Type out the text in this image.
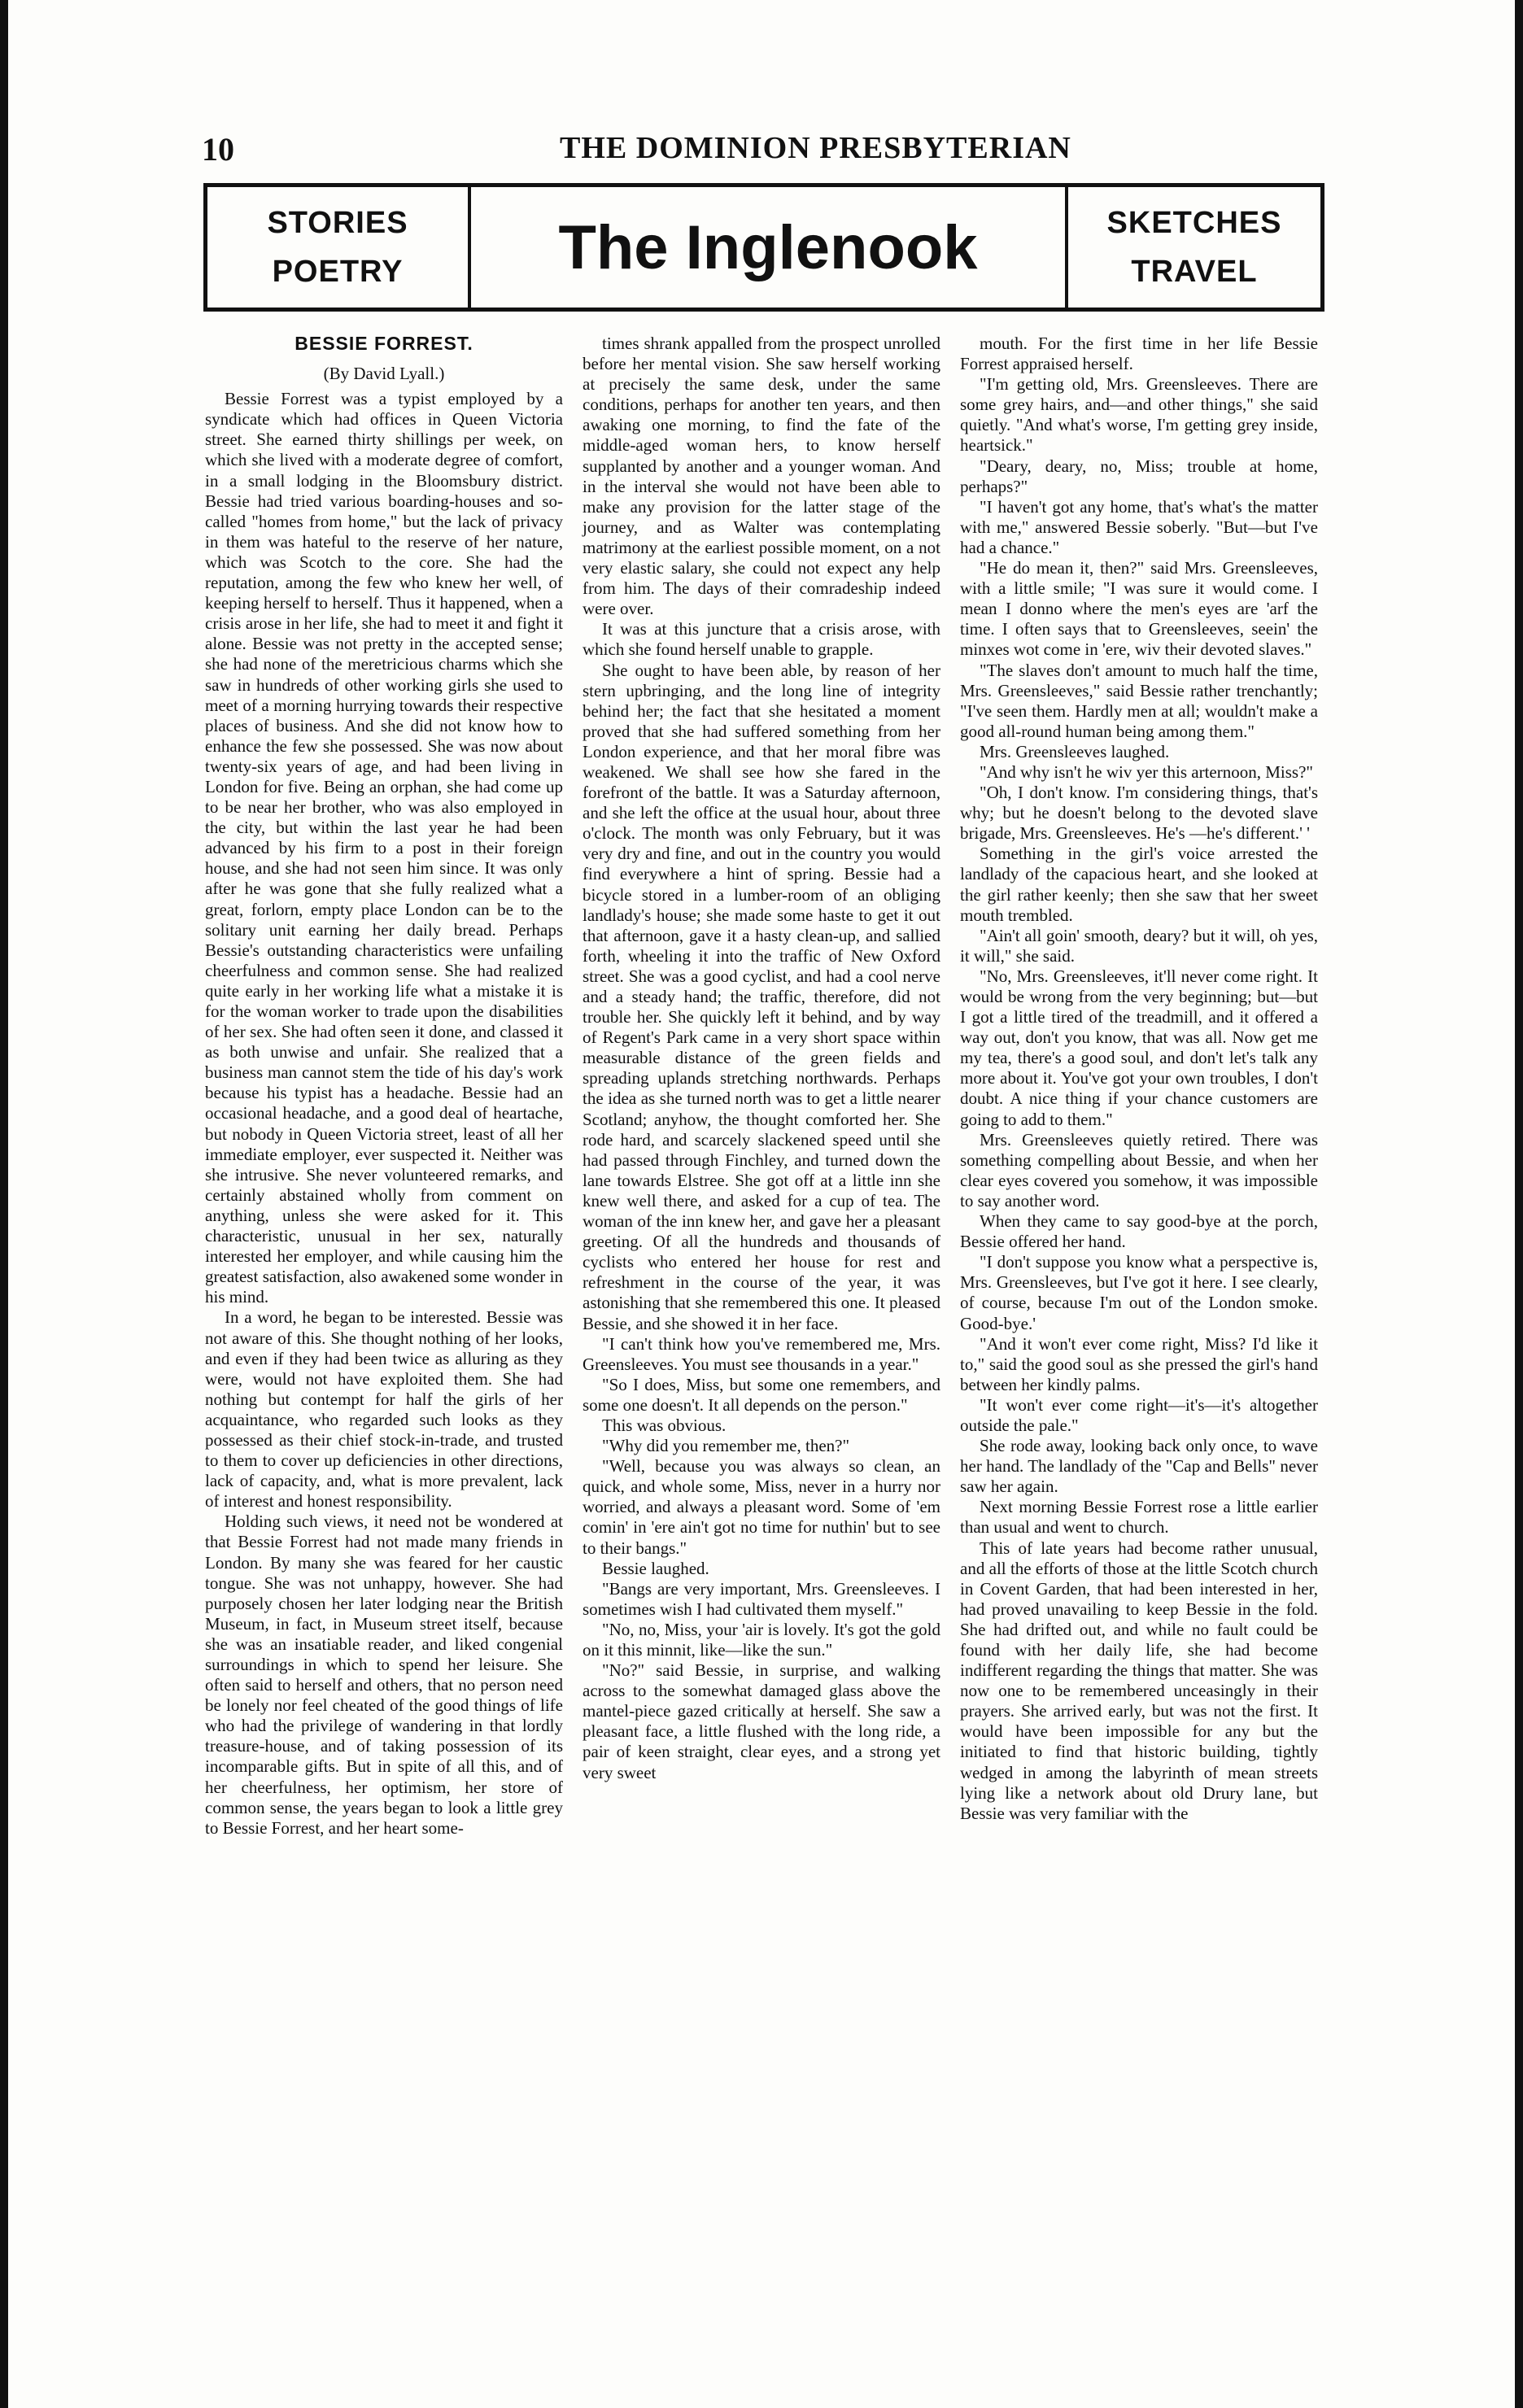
10	THE DOMINION PRESBYTERIAN
STORIES
POETRY	The Inglenook	SKETCHES
TRAVEL
BESSIE FORREST.
(By David Lyall.)

Bessie Forrest was a typist employed by a syndicate which had offices in Queen Victoria street. She earned thirty shillings per week, on which she lived with a moderate degree of comfort, in a small lodging in the Bloomsbury district. Bessie had tried various boarding-houses and so-called "homes from home," but the lack of privacy in them was hateful to the reserve of her nature, which was Scotch to the core. She had the reputation, among the few who knew her well, of keeping herself to herself. Thus it happened, when a crisis arose in her life, she had to meet it and fight it alone. Bessie was not pretty in the accepted sense; she had none of the meretricious charms which she saw in hundreds of other working girls she used to meet of a morning hurrying towards their respective places of business. And she did not know how to enhance the few she possessed. She was now about twenty-six years of age, and had been living in London for five. Being an orphan, she had come up to be near her brother, who was also employed in the city, but within the last year he had been advanced by his firm to a post in their foreign house, and she had not seen him since. It was only after he was gone that she fully realized what a great, forlorn, empty place London can be to the solitary unit earning her daily bread. Perhaps Bessie's outstanding characteristics were unfailing cheerfulness and common sense. She had realized quite early in her working life what a mistake it is for the woman worker to trade upon the disabilities of her sex. She had often seen it done, and classed it as both unwise and unfair. She realized that a business man cannot stem the tide of his day's work because his typist has a headache. Bessie had an occasional headache, and a good deal of heartache, but nobody in Queen Victoria street, least of all her immediate employer, ever suspected it. Neither was she intrusive. She never volunteered remarks, and certainly abstained wholly from comment on anything, unless she were asked for it. This characteristic, unusual in her sex, naturally interested her employer, and while causing him the greatest satisfaction, also awakened some wonder in his mind.

In a word, he began to be interested. Bessie was not aware of this. She thought nothing of her looks, and even if they had been twice as alluring as they were, would not have exploited them. She had nothing but contempt for half the girls of her acquaintance, who regarded such looks as they possessed as their chief stock-in-trade, and trusted to them to cover up deficiencies in other directions, lack of capacity, and, what is more prevalent, lack of interest and honest responsibility.

Holding such views, it need not be wondered at that Bessie Forrest had not made many friends in London. By many she was feared for her caustic tongue. She was not unhappy, however. She had purposely chosen her later lodging near the British Museum, in fact, in Museum street itself, because she was an insatiable reader, and liked congenial surroundings in which to spend her leisure. She often said to herself and others, that no person need be lonely nor feel cheated of the good things of life who had the privilege of wandering in that lordly treasure-house, and of taking possession of its incomparable gifts. But in spite of all this, and of her cheerfulness, her optimism, her store of common sense, the years began to look a little grey to Bessie Forrest, and her heart some-

times shrank appalled from the prospect unrolled before her mental vision. She saw herself working at precisely the same desk, under the same conditions, perhaps for another ten years, and then awaking one morning, to find the fate of the middle-aged woman hers, to know herself supplanted by another and a younger woman. And in the interval she would not have been able to make any provision for the latter stage of the journey, and as Walter was contemplating matrimony at the earliest possible moment, on a not very elastic salary, she could not expect any help from him. The days of their comradeship indeed were over.

It was at this juncture that a crisis arose, with which she found herself unable to grapple.

She ought to have been able, by reason of her stern upbringing, and the long line of integrity behind her; the fact that she hesitated a moment proved that she had suffered something from her London experience, and that her moral fibre was weakened. We shall see how she fared in the forefront of the battle. It was a Saturday afternoon, and she left the office at the usual hour, about three o'clock. The month was only February, but it was very dry and fine, and out in the country you would find everywhere a hint of spring. Bessie had a bicycle stored in a lumber-room of an obliging landlady's house; she made some haste to get it out that afternoon, gave it a hasty clean-up, and sallied forth, wheeling it into the traffic of New Oxford street. She was a good cyclist, and had a cool nerve and a steady hand; the traffic, therefore, did not trouble her. She quickly left it behind, and by way of Regent's Park came in a very short space within measurable distance of the green fields and spreading uplands stretching northwards. Perhaps the idea as she turned north was to get a little nearer Scotland; anyhow, the thought comforted her. She rode hard, and scarcely slackened speed until she had passed through Finchley, and turned down the lane towards Elstree. She got off at a little inn she knew well there, and asked for a cup of tea. The woman of the inn knew her, and gave her a pleasant greeting. Of all the hundreds and thousands of cyclists who entered her house for rest and refreshment in the course of the year, it was astonishing that she remembered this one. It pleased Bessie, and she showed it in her face.

"I can't think how you've remembered me, Mrs. Greensleeves. You must see thousands in a year."

"So I does, Miss, but some one remembers, and some one doesn't. It all depends on the person."

This was obvious.

"Why did you remember me, then?"

"Well, because you was always so clean, an quick, and whole some, Miss, never in a hurry nor worried, and always a pleasant word. Some of 'em comin' in 'ere ain't got no time for nuthin' but to see to their bangs."

Bessie laughed.

"Bangs are very important, Mrs. Greensleeves. I sometimes wish I had cultivated them myself."

"No, no, Miss, your 'air is lovely. It's got the gold on it this minnit, like—like the sun."

"No?" said Bessie, in surprise, and walking across to the somewhat damaged glass above the mantel-piece gazed critically at herself. She saw a pleasant face, a little flushed with the long ride, a pair of keen straight, clear eyes, and a strong yet very sweet

mouth. For the first time in her life Bessie Forrest appraised herself.

"I'm getting old, Mrs. Greensleeves. There are some grey hairs, and—and other things," she said quietly. "And what's worse, I'm getting grey inside, heartsick."

"Deary, deary, no, Miss; trouble at home, perhaps?"

"I haven't got any home, that's what's the matter with me," answered Bessie soberly. "But—but I've had a chance."

"He do mean it, then?" said Mrs. Greensleeves, with a little smile; "I was sure it would come. I mean I donno where the men's eyes are 'arf the time. I often says that to Greensleeves, seein' the minxes wot come in 'ere, wiv their devoted slaves."

"The slaves don't amount to much half the time, Mrs. Greensleeves," said Bessie rather trenchantly; "I've seen them. Hardly men at all; wouldn't make a good all-round human being among them."

Mrs. Greensleeves laughed.

"And why isn't he wiv yer this arternoon, Miss?"

"Oh, I don't know. I'm considering things, that's why; but he doesn't belong to the devoted slave brigade, Mrs. Greensleeves. He's —he's different.' '

Something in the girl's voice arrested the landlady of the capacious heart, and she looked at the girl rather keenly; then she saw that her sweet mouth trembled.

"Ain't all goin' smooth, deary? but it will, oh yes, it will," she said.

"No, Mrs. Greensleeves, it'll never come right. It would be wrong from the very beginning; but—but I got a little tired of the treadmill, and it offered a way out, don't you know, that was all. Now get me my tea, there's a good soul, and don't let's talk any more about it. You've got your own troubles, I don't doubt. A nice thing if your chance customers are going to add to them."

Mrs. Greensleeves quietly retired. There was something compelling about Bessie, and when her clear eyes covered you somehow, it was impossible to say another word.

When they came to say good-bye at the porch, Bessie offered her hand.

"I don't suppose you know what a perspective is, Mrs. Greensleeves, but I've got it here. I see clearly, of course, because I'm out of the London smoke. Good-bye.'

"And it won't ever come right, Miss? I'd like it to," said the good soul as she pressed the girl's hand between her kindly palms.

"It won't ever come right—it's—it's altogether outside the pale."

She rode away, looking back only once, to wave her hand. The landlady of the "Cap and Bells" never saw her again.

Next morning Bessie Forrest rose a little earlier than usual and went to church.

This of late years had become rather unusual, and all the efforts of those at the little Scotch church in Covent Garden, that had been interested in her, had proved unavailing to keep Bessie in the fold. She had drifted out, and while no fault could be found with her daily life, she had become indifferent regarding the things that matter. She was now one to be remembered unceasingly in their prayers. She arrived early, but was not the first. It would have been impossible for any but the initiated to find that historic building, tightly wedged in among the labyrinth of mean streets lying like a network about old Drury lane, but Bessie was very familiar with the
